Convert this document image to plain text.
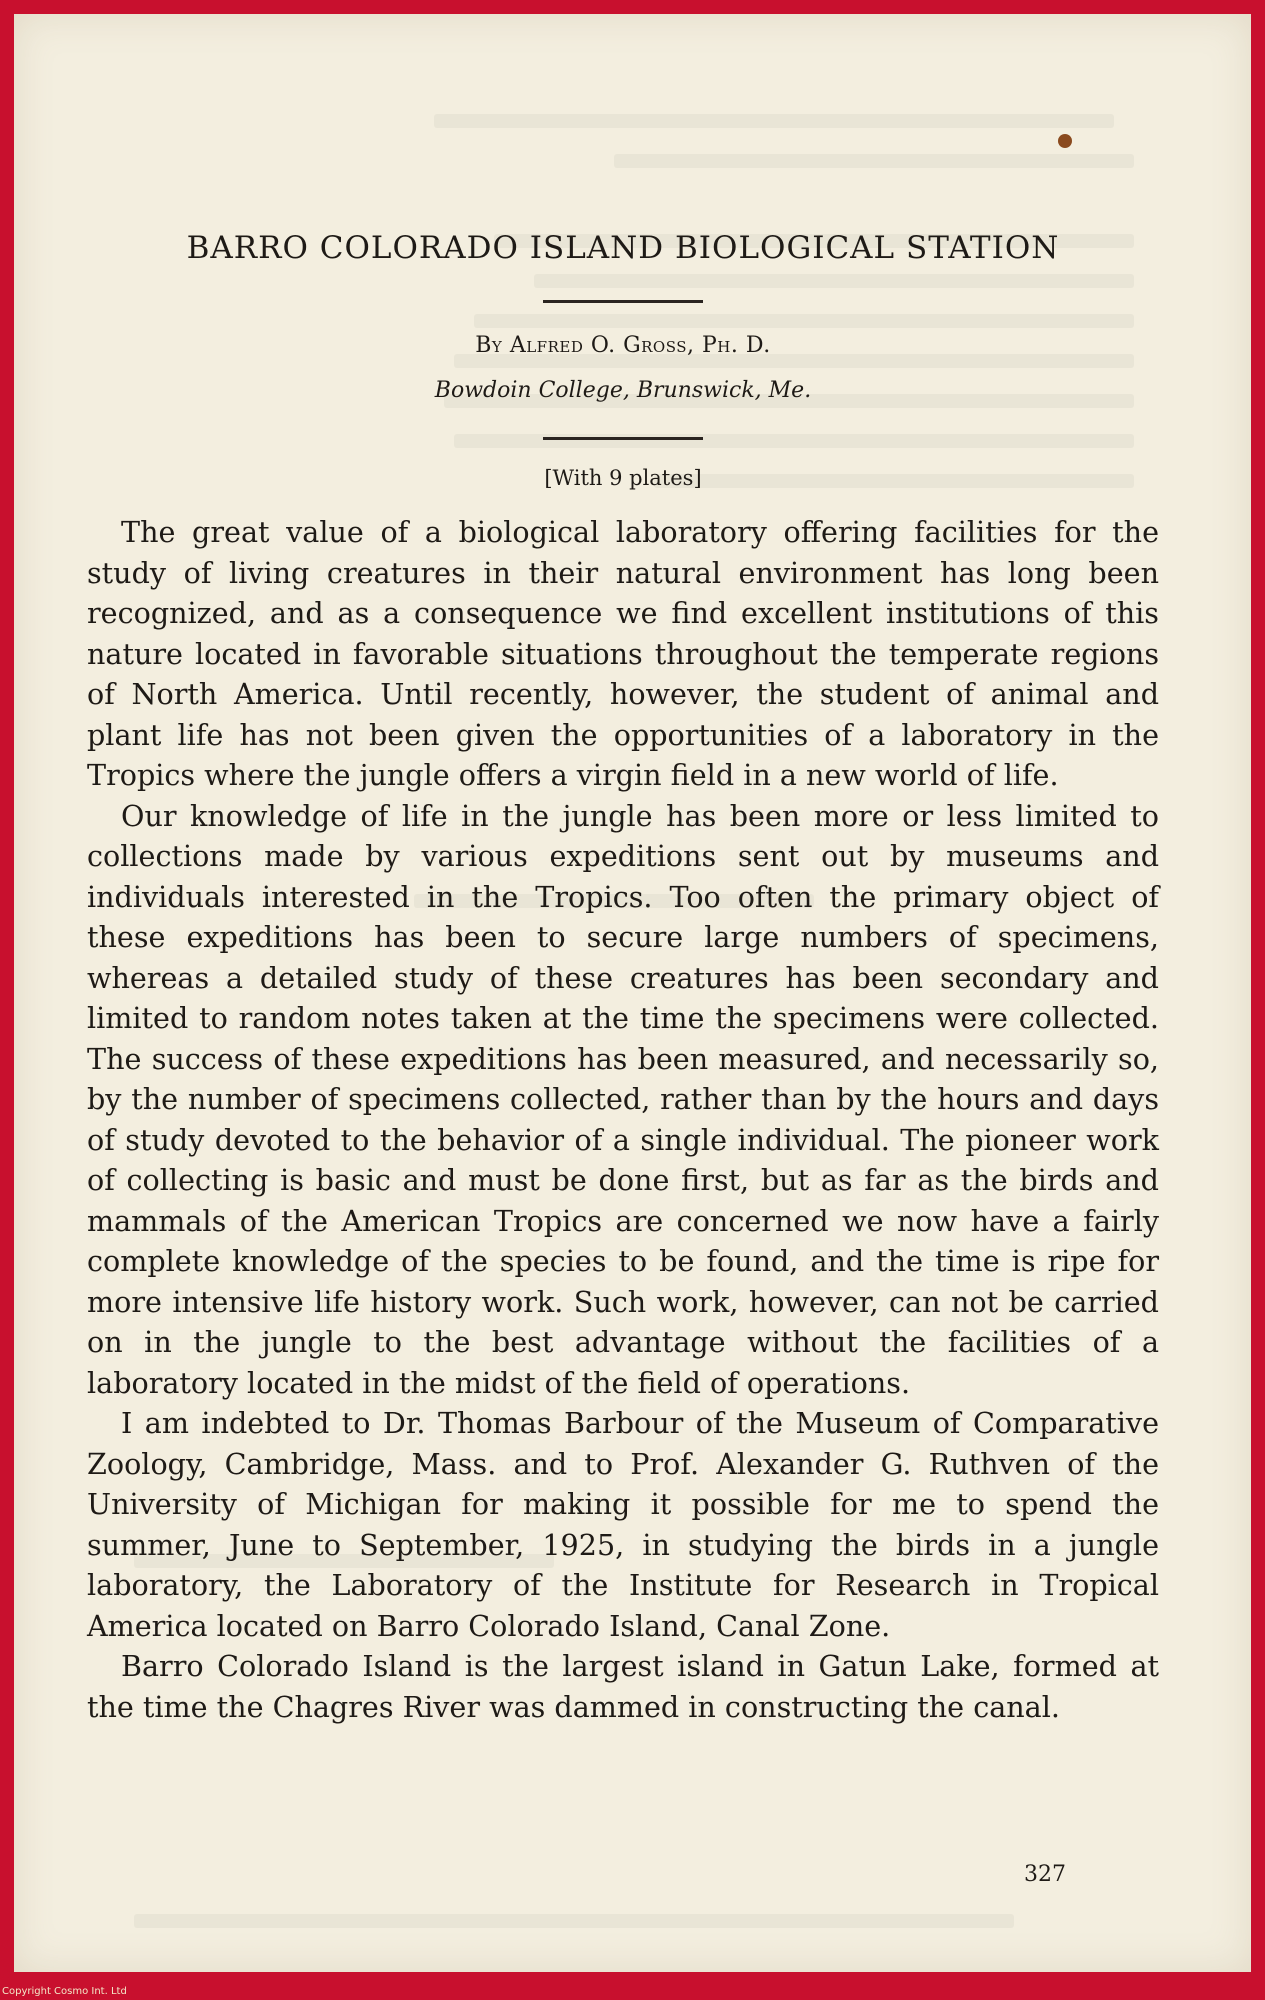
BARRO COLORADO ISLAND BIOLOGICAL STATION
By Alfred O. Gross, Ph. D.
Bowdoin College, Brunswick, Me.
[With 9 plates]

The great value of a biological laboratory offering facilities for the study of living creatures in their natural environment has long been recognized, and as a consequence we find excellent institutions of this nature located in favorable situations throughout the temperate regions of North America. Until recently, however, the student of animal and plant life has not been given the opportunities of a laboratory in the Tropics where the jungle offers a virgin field in a new world of life.

Our knowledge of life in the jungle has been more or less limited to collections made by various expeditions sent out by museums and individuals interested in the Tropics. Too often the primary object of these expeditions has been to secure large numbers of specimens, whereas a detailed study of these creatures has been secondary and limited to random notes taken at the time the specimens were collected. The success of these expeditions has been measured, and necessarily so, by the number of specimens collected, rather than by the hours and days of study devoted to the behavior of a single individual. The pioneer work of collecting is basic and must be done first, but as far as the birds and mammals of the American Tropics are concerned we now have a fairly complete knowledge of the species to be found, and the time is ripe for more intensive life history work. Such work, however, can not be carried on in the jungle to the best advantage without the facilities of a laboratory located in the midst of the field of operations.

I am indebted to Dr. Thomas Barbour of the Museum of Comparative Zoology, Cambridge, Mass. and to Prof. Alexander G. Ruthven of the University of Michigan for making it possible for me to spend the summer, June to September, 1925, in studying the birds in a jungle laboratory, the Laboratory of the Institute for Research in Tropical America located on Barro Colorado Island, Canal Zone.

Barro Colorado Island is the largest island in Gatun Lake, formed at the time the Chagres River was dammed in constructing the canal.

327
Copyright Cosmo Int. Ltd
